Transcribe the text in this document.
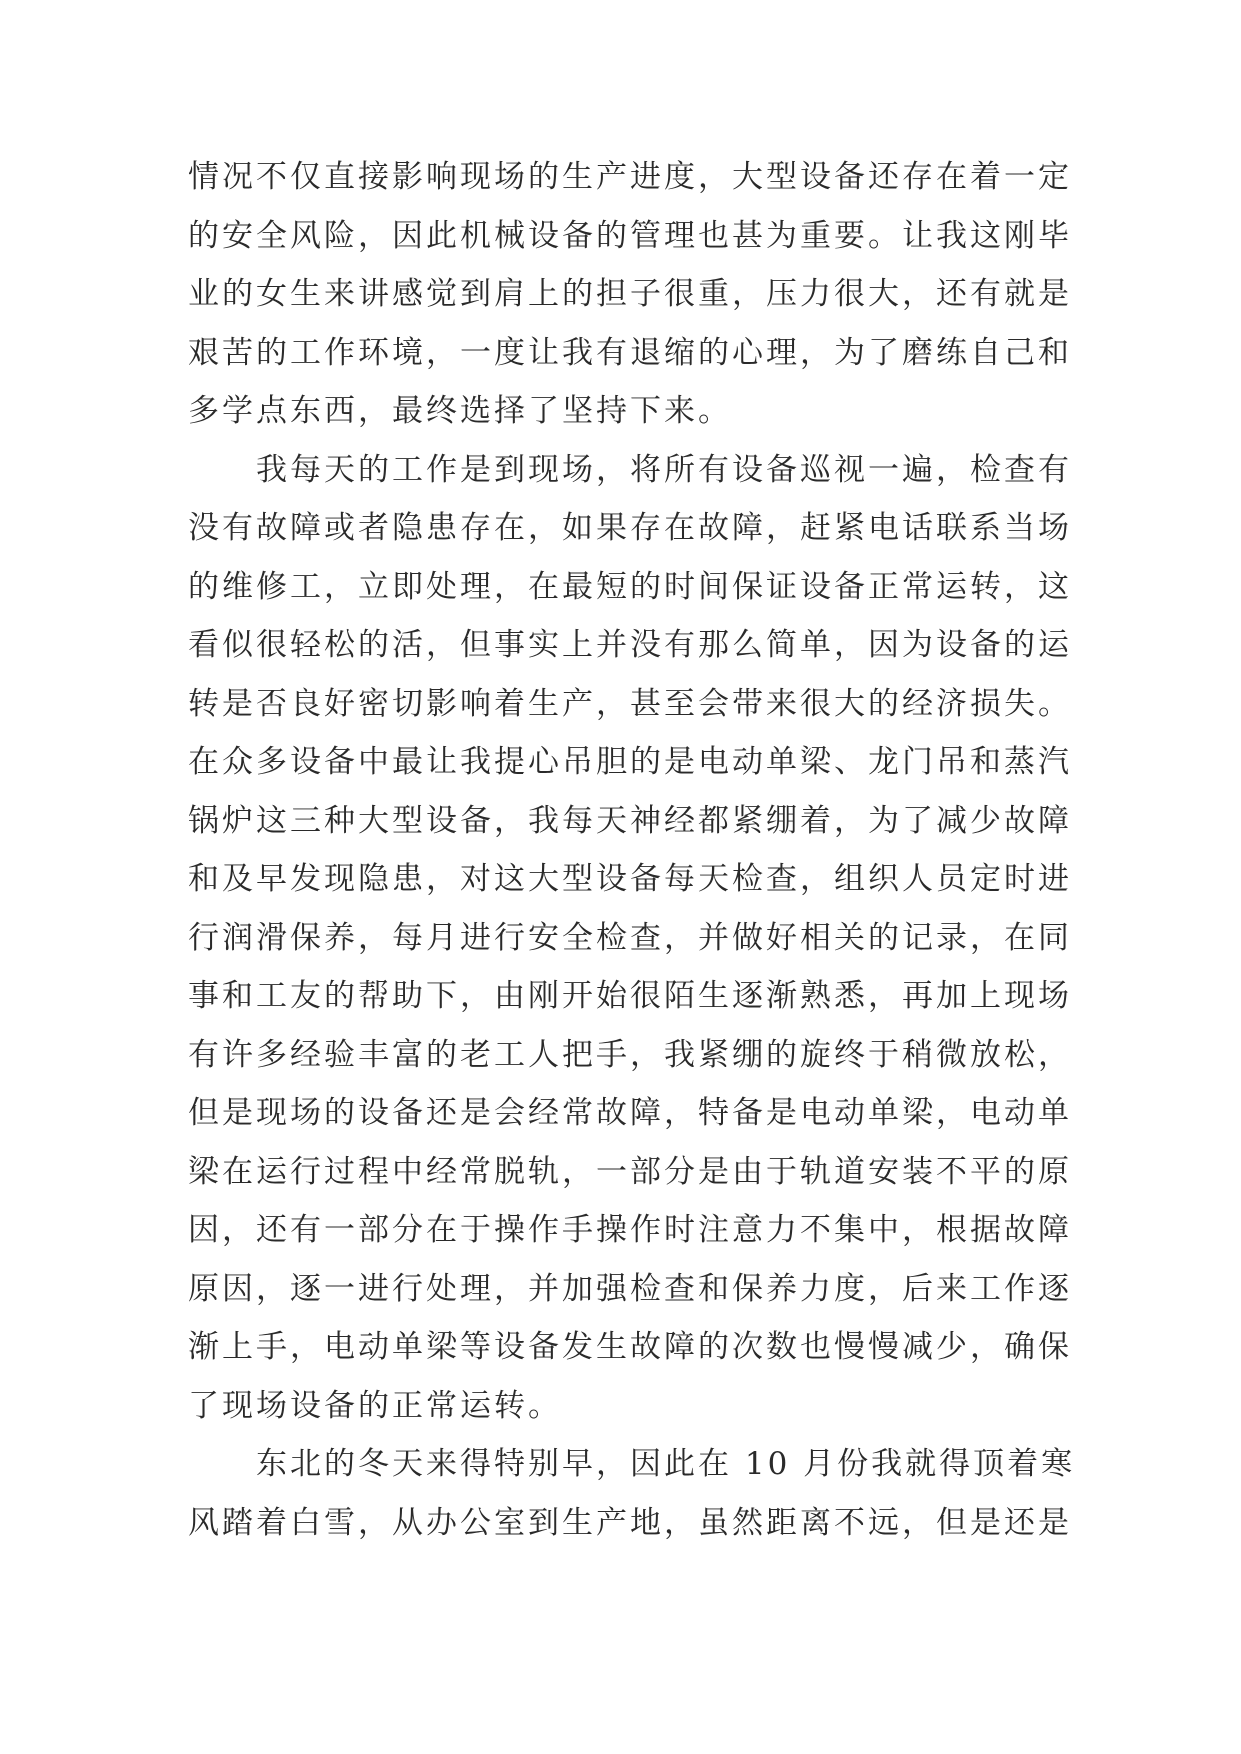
情况不仅直接影响现场的生产进度，大型设备还存在着一定
的安全风险，因此机械设备的管理也甚为重要。让我这刚毕
业的女生来讲感觉到肩上的担子很重，压力很大，还有就是
艰苦的工作环境，一度让我有退缩的心理，为了磨练自己和
多学点东西，最终选择了坚持下来。
我每天的工作是到现场，将所有设备巡视一遍，检查有
没有故障或者隐患存在，如果存在故障，赶紧电话联系当场
的维修工，立即处理，在最短的时间保证设备正常运转，这
看似很轻松的活，但事实上并没有那么简单，因为设备的运
转是否良好密切影响着生产，甚至会带来很大的经济损失。
在众多设备中最让我提心吊胆的是电动单梁、龙门吊和蒸汽
锅炉这三种大型设备，我每天神经都紧绷着，为了减少故障
和及早发现隐患，对这大型设备每天检查，组织人员定时进
行润滑保养，每月进行安全检查，并做好相关的记录，在同
事和工友的帮助下，由刚开始很陌生逐渐熟悉，再加上现场
有许多经验丰富的老工人把手，我紧绷的旋终于稍微放松，
但是现场的设备还是会经常故障，特备是电动单梁，电动单
梁在运行过程中经常脱轨，一部分是由于轨道安装不平的原
因，还有一部分在于操作手操作时注意力不集中，根据故障
原因，逐一进行处理，并加强检查和保养力度，后来工作逐
渐上手，电动单梁等设备发生故障的次数也慢慢减少，确保
了现场设备的正常运转。
东北的冬天来得特别早，因此在 10 月份我就得顶着寒
风踏着白雪，从办公室到生产地，虽然距离不远，但是还是
